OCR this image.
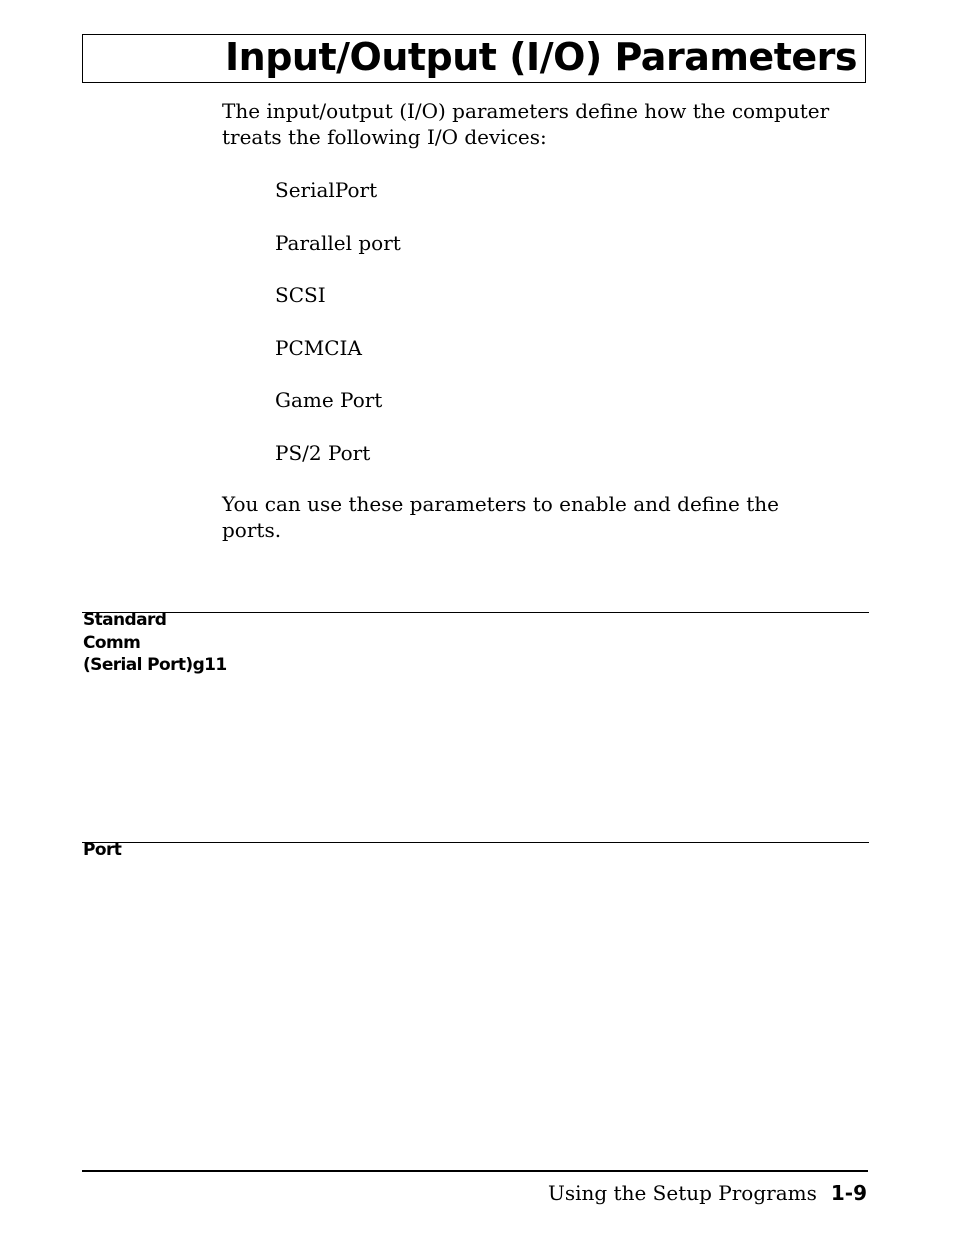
Input/Output (I/O) Parameters

The input/output (I/O) parameters define how the computer treats the following I/O devices:

SerialPort
Parallel port
SCSI
PCMCIA
Game Port
PS/2 Port

You can use these parameters to enable and define the ports.

Standard
Comm
(Serial Port)g11
Port
Using the Setup Programs 1-9
